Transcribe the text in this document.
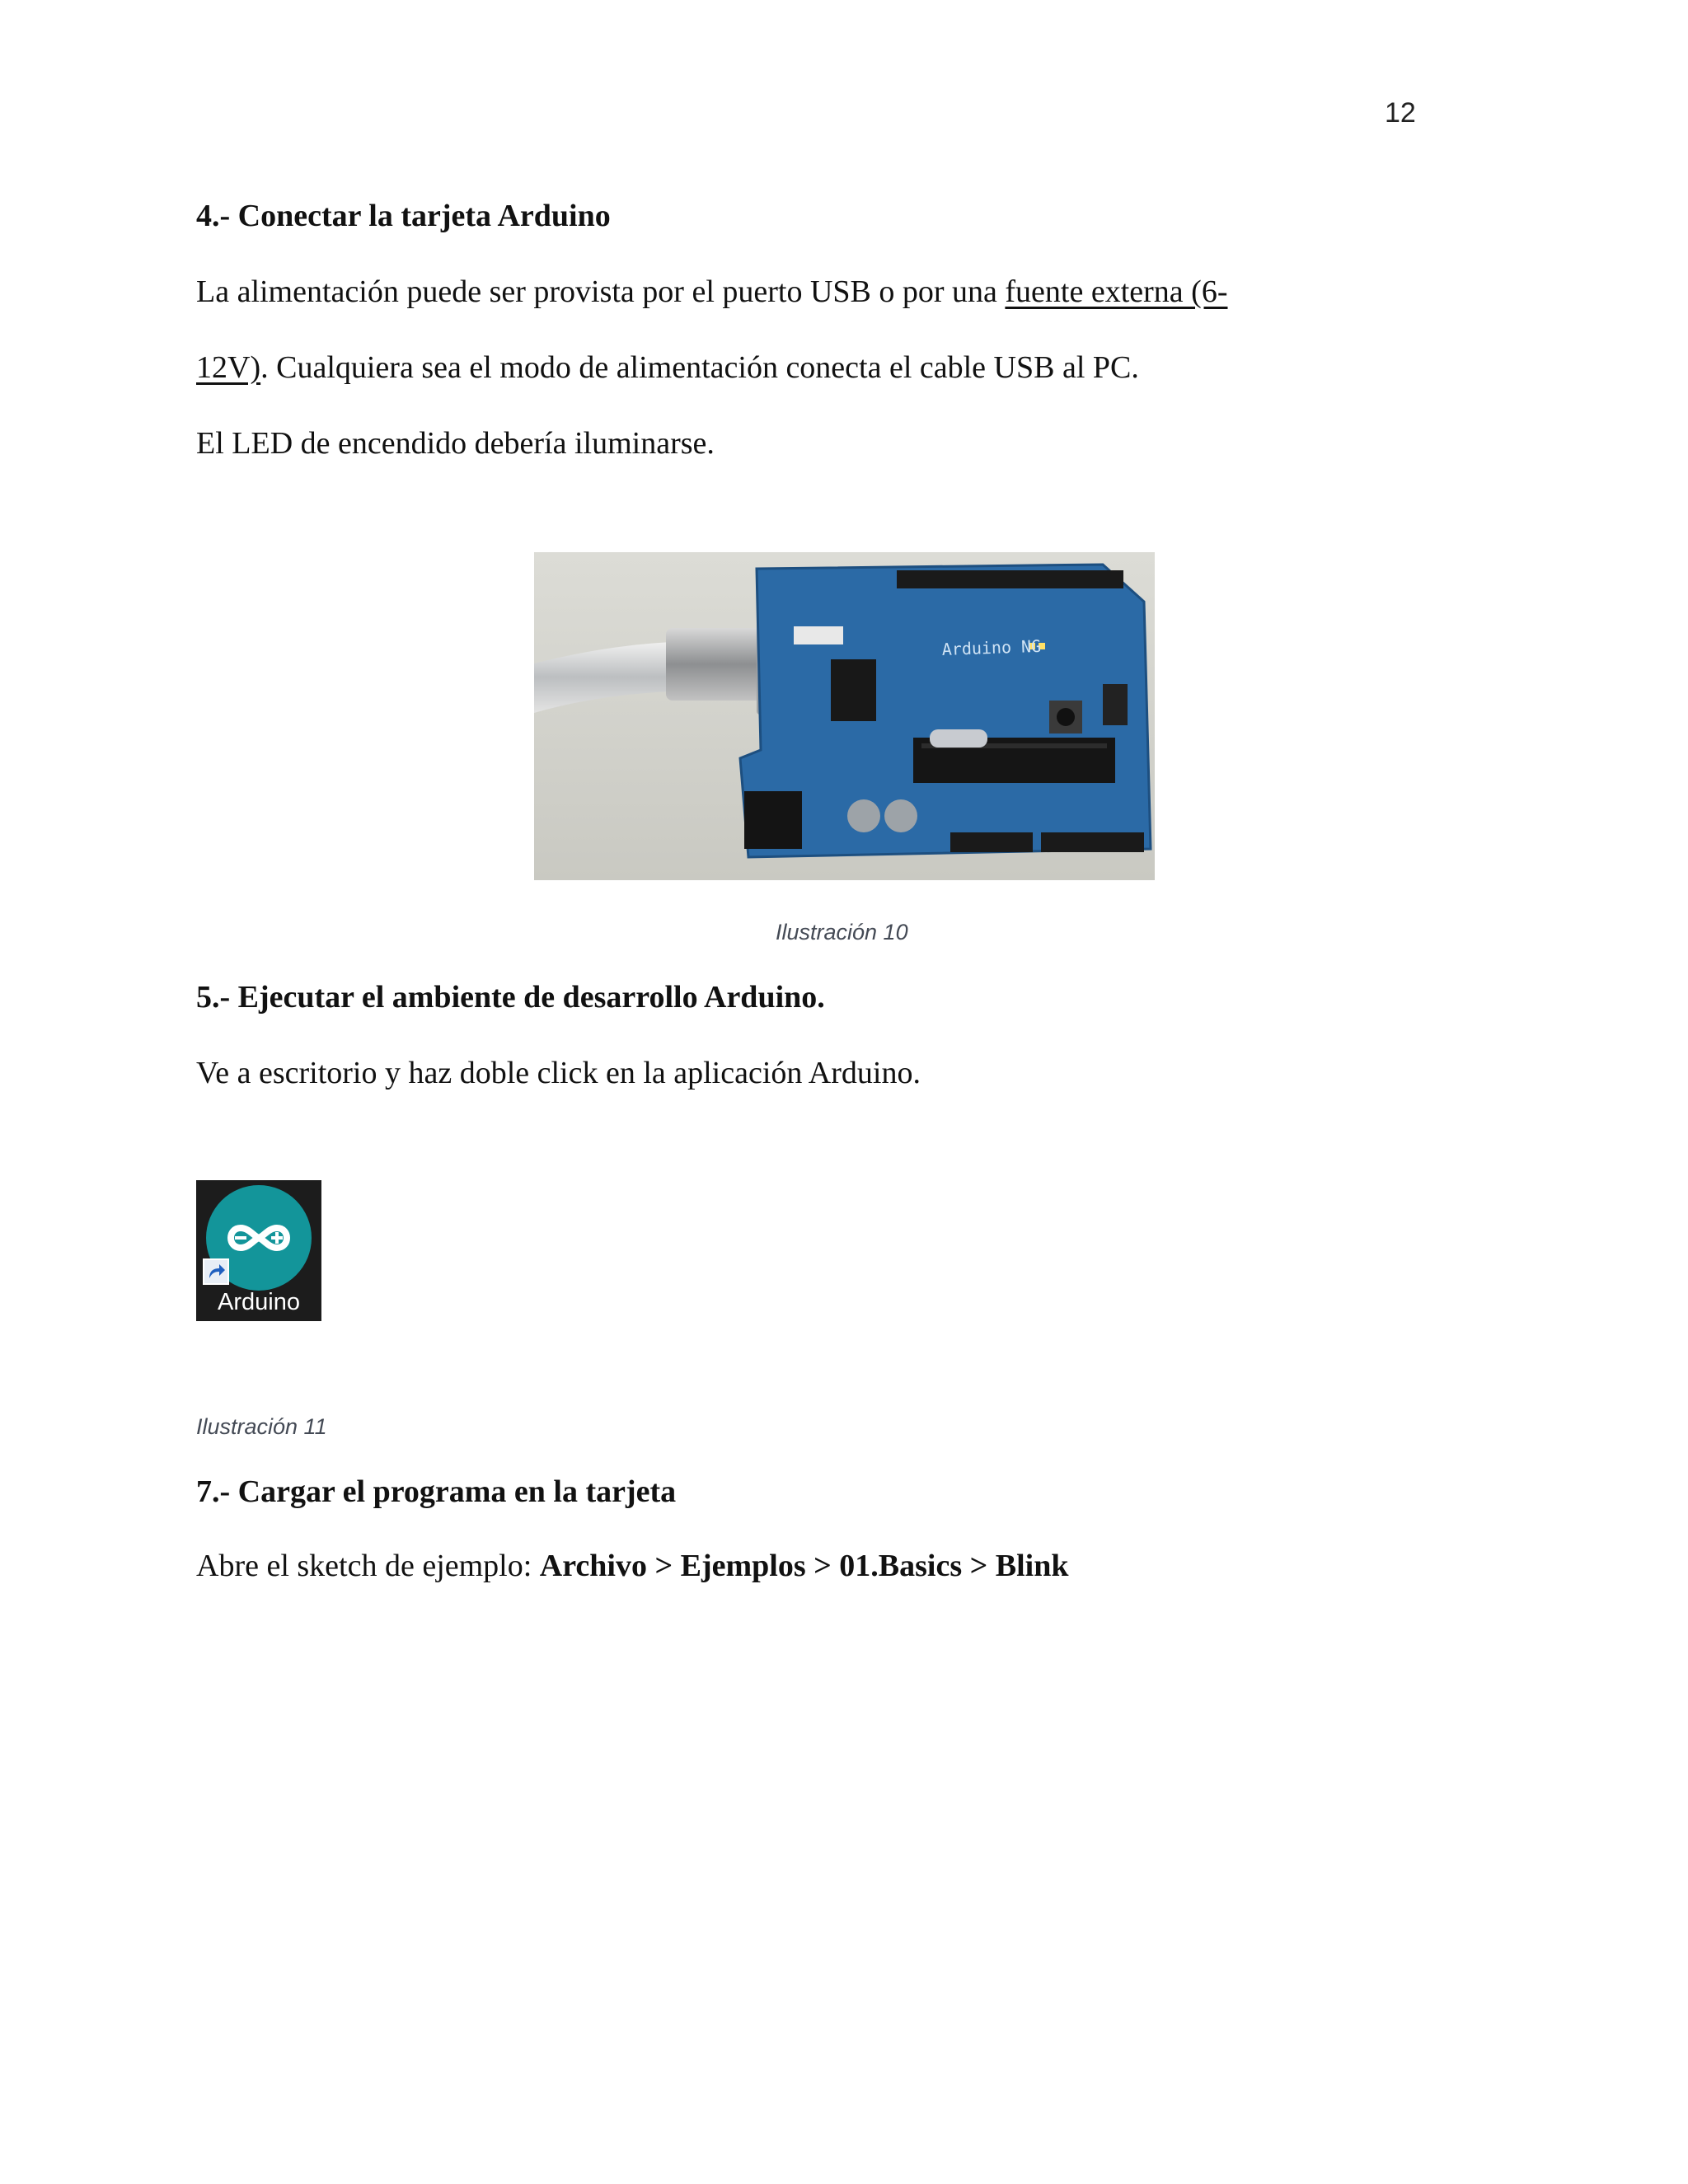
12
4.- Conectar la tarjeta Arduino
La alimentación puede ser provista por el puerto USB o por una fuente externa (6-
12V). Cualquiera sea el modo de alimentación conecta el cable USB al PC.
El LED de encendido debería iluminarse.
Arduino NG
Ilustración 10
5.- Ejecutar el ambiente de desarrollo Arduino.
Ve a escritorio y haz doble click en la aplicación Arduino.
Arduino
Ilustración 11
7.- Cargar el programa en la tarjeta
Abre el sketch de ejemplo: Archivo > Ejemplos > 01.Basics > Blink
